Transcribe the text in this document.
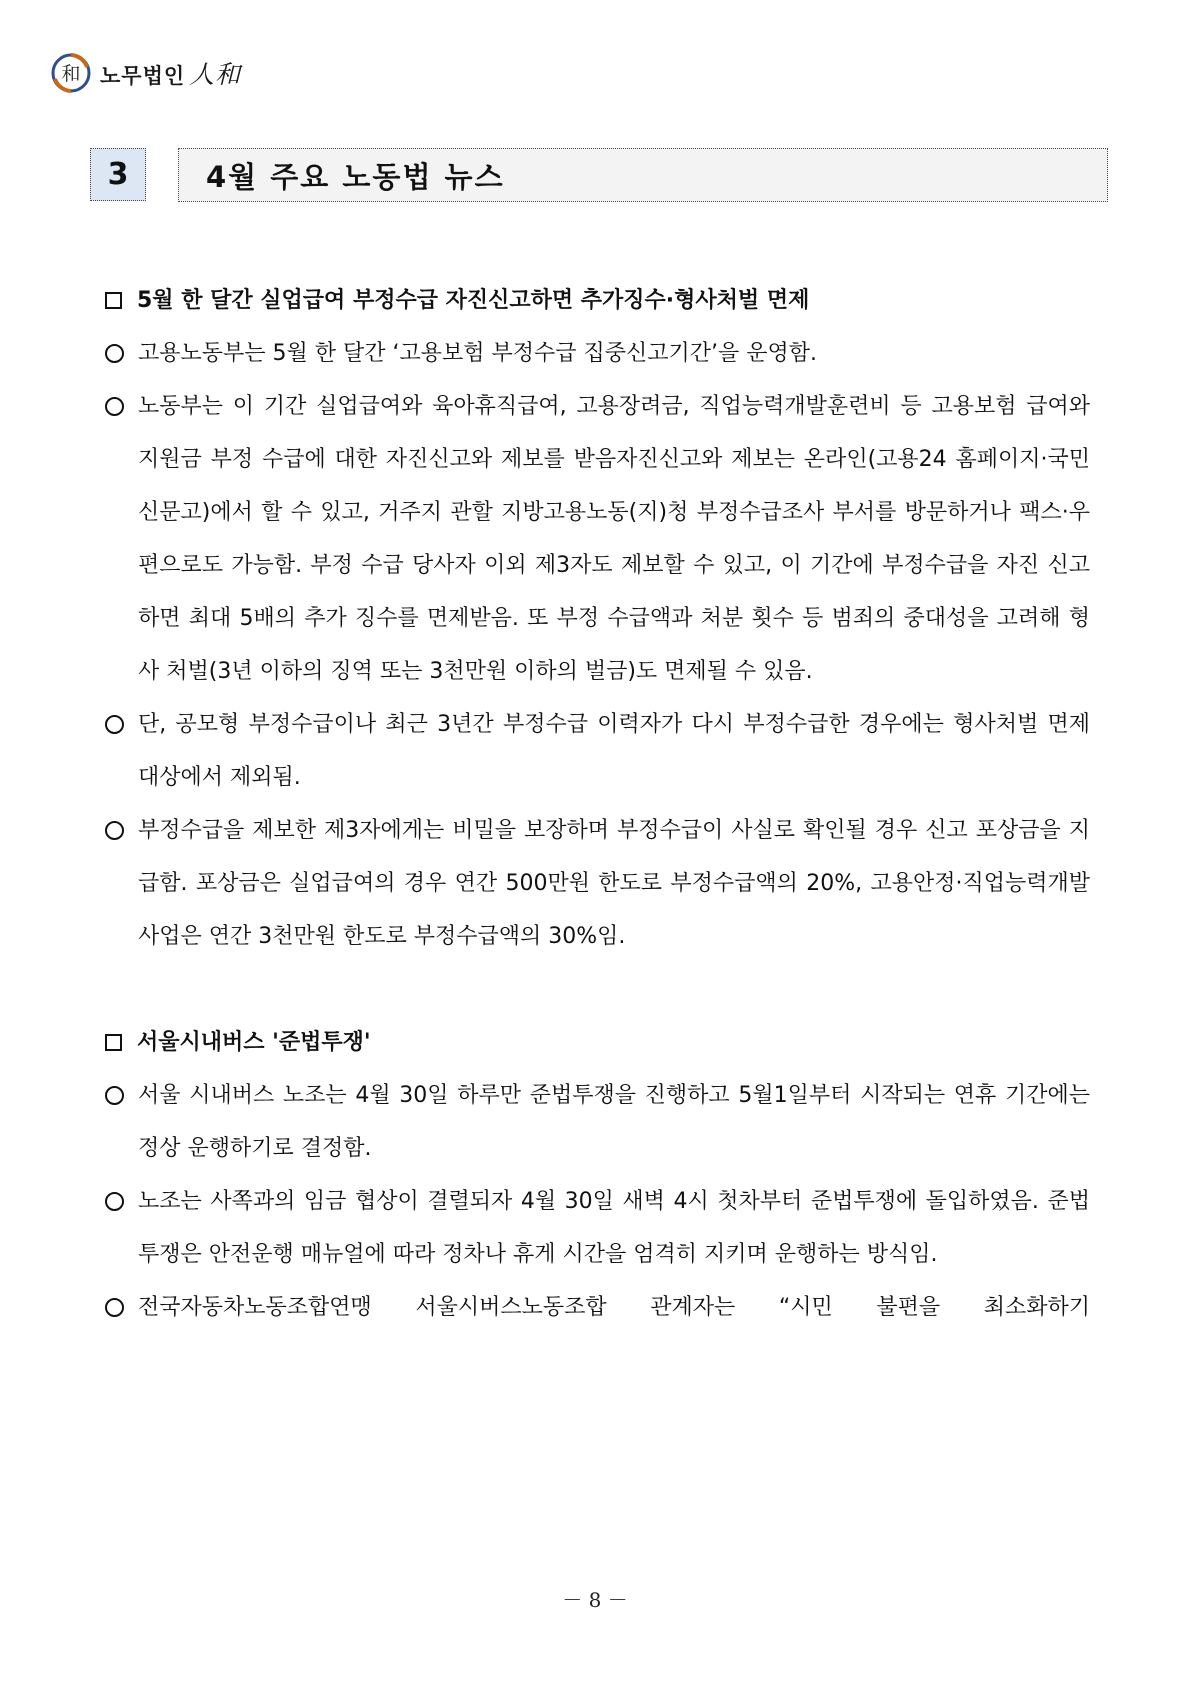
和 노무법인 人和
3	4월 주요 노동법 뉴스
5월 한 달간 실업급여 부정수급 자진신고하면 추가징수·형사처벌 면제
고용노동부는 5월 한 달간 ‘고용보험 부정수급 집중신고기간’을 운영함.
노동부는 이 기간 실업급여와 육아휴직급여, 고용장려금, 직업능력개발훈련비 등 고용보험 급여와 지원금 부정 수급에 대한 자진신고와 제보를 받음자진신고와 제보는 온라인(고용24 홈페이지·국민신문고)에서 할 수 있고, 거주지 관할 지방고용노동(지)청 부정수급조사 부서를 방문하거나 팩스·우편으로도 가능함. 부정 수급 당사자 이외 제3자도 제보할 수 있고, 이 기간에 부정수급을 자진 신고하면 최대 5배의 추가 징수를 면제받음. 또 부정 수급액과 처분 횟수 등 범죄의 중대성을 고려해 형사 처벌(3년 이하의 징역 또는 3천만원 이하의 벌금)도 면제될 수 있음.
단, 공모형 부정수급이나 최근 3년간 부정수급 이력자가 다시 부정수급한 경우에는 형사처벌 면제 대상에서 제외됨.
부정수급을 제보한 제3자에게는 비밀을 보장하며 부정수급이 사실로 확인될 경우 신고 포상금을 지급함. 포상금은 실업급여의 경우 연간 500만원 한도로 부정수급액의 20%, 고용안정·직업능력개발사업은 연간 3천만원 한도로 부정수급액의 30%임.
서울시내버스 '준법투쟁'
서울 시내버스 노조는 4월 30일 하루만 준법투쟁을 진행하고 5월1일부터 시작되는 연휴 기간에는 정상 운행하기로 결정함.
노조는 사쪽과의 임금 협상이 결렬되자 4월 30일 새벽 4시 첫차부터 준법투쟁에 돌입하였음. 준법투쟁은 안전운행 매뉴얼에 따라 정차나 휴게 시간을 엄격히 지키며 운행하는 방식임.
전국자동차노동조합연맹 서울시버스노동조합 관계자는 “시민 불편을 최소화하기
－ 8 －
